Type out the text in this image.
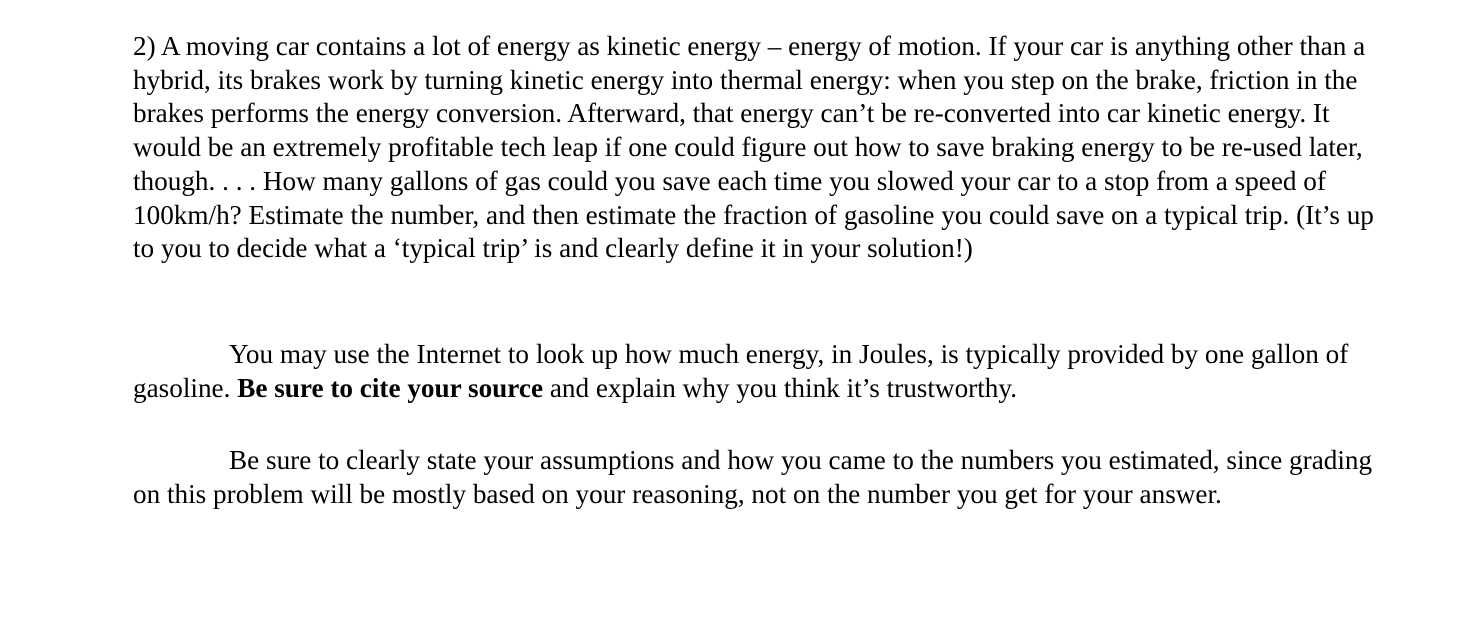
2) A moving car contains a lot of energy as kinetic energy – energy of motion. If your car is anything other than a hybrid, its brakes work by turning kinetic energy into thermal energy: when you step on the brake, friction in the brakes performs the energy conversion. Afterward, that energy can’t be re-converted into car kinetic energy. It would be an extremely profitable tech leap if one could figure out how to save braking energy to be re-used later, though. . . . How many gallons of gas could you save each time you slowed your car to a stop from a speed of 100km/h? Estimate the number, and then estimate the fraction of gasoline you could save on a typical trip. (It’s up to you to decide what a ‘typical trip’ is and clearly define it in your solution!)

You may use the Internet to look up how much energy, in Joules, is typically provided by one gallon of gasoline. Be sure to cite your source and explain why you think it’s trustworthy.

Be sure to clearly state your assumptions and how you came to the numbers you estimated, since grading on this problem will be mostly based on your reasoning, not on the number you get for your answer.
